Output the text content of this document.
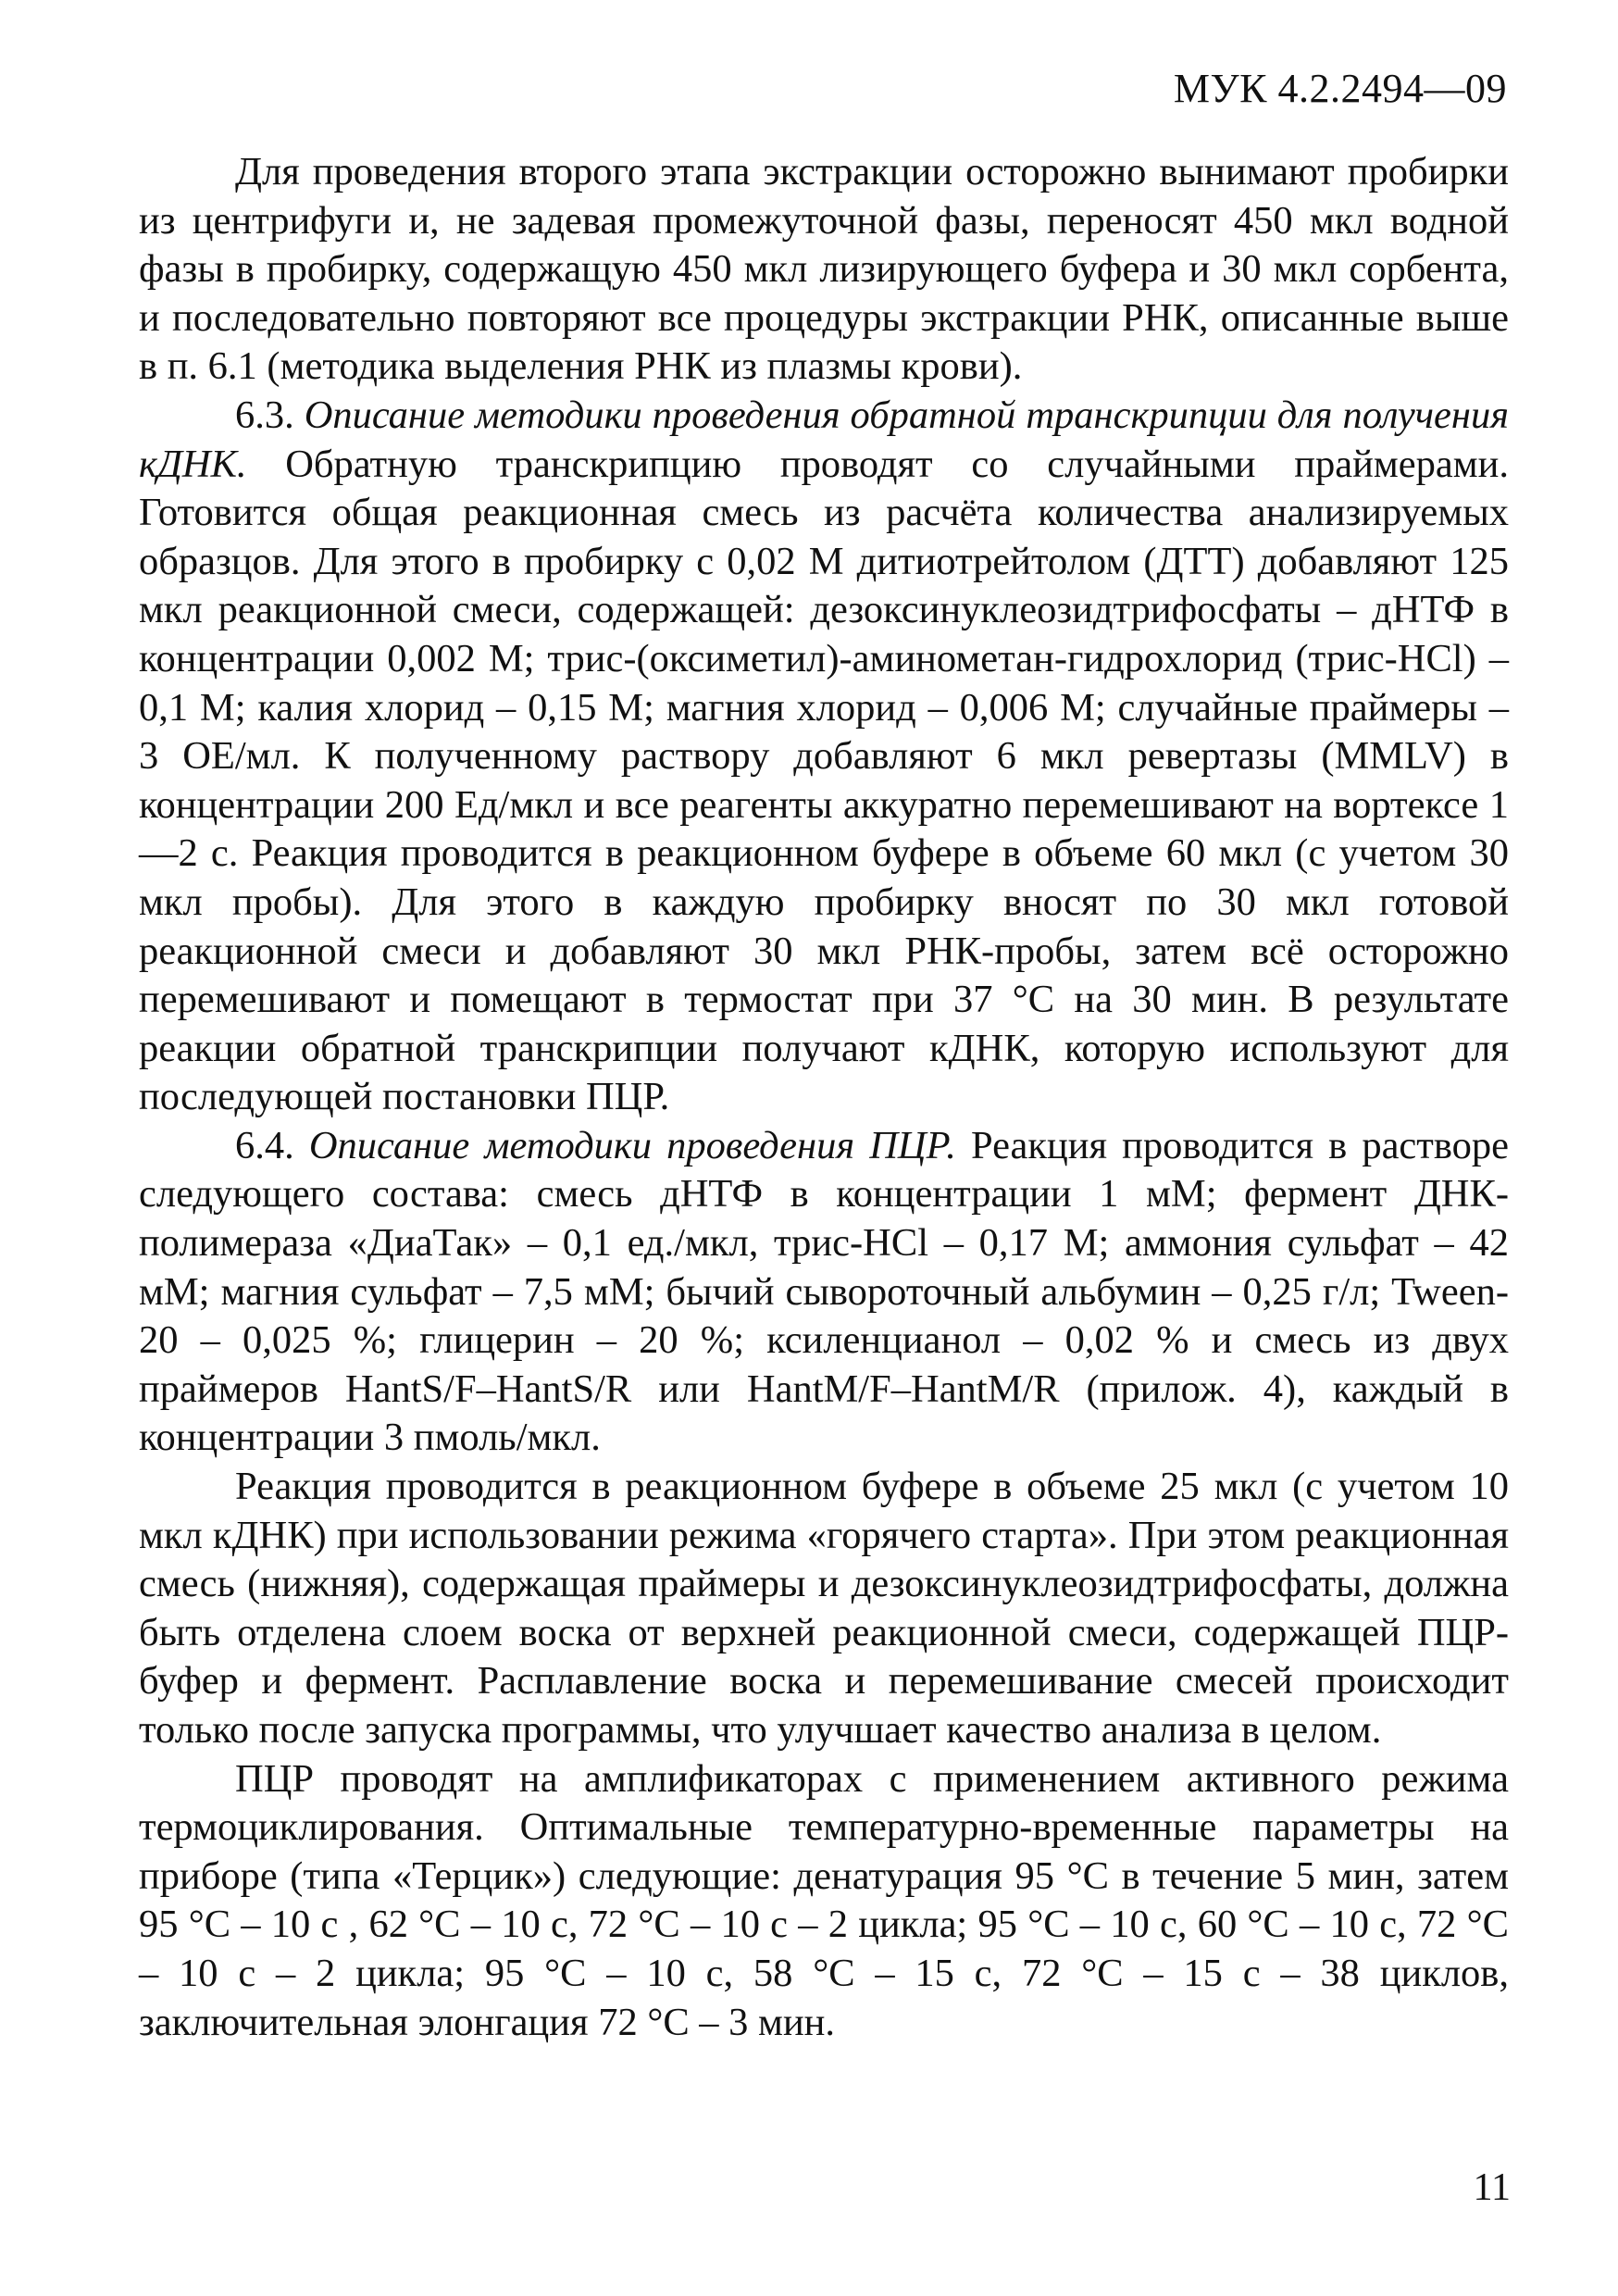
МУК 4.2.2494—09

Для проведения второго этапа экстракции осторожно вынимают пробирки из центрифуги и, не задевая промежуточной фазы, переносят 450 мкл водной фазы в пробирку, содержащую 450 мкл лизирующего буфера и 30 мкл сорбента, и последовательно повторяют все процедуры экстракции РНК, описанные выше в п. 6.1 (методика выделения РНК из плазмы крови).

6.3. Описание методики проведения обратной транскрипции для получения кДНК. Обратную транскрипцию проводят со случайными праймерами. Готовится общая реакционная смесь из расчёта количества анализируемых образцов. Для этого в пробирку с 0,02 М дитиотрейтолом (ДТТ) добавляют 125 мкл реакционной смеси, содержащей: дезоксинуклеозидтрифосфаты – дНТФ в концентрации 0,002 М; трис-(оксиметил)-аминометан-гидрохлорид (трис-HCl) – 0,1 М; калия хлорид – 0,15 М; магния хлорид – 0,006 М; случайные праймеры – 3 ОЕ/мл. К полученному раствору добавляют 6 мкл ревертазы (MMLV) в концентрации 200 Ед/мкл и все реагенты аккуратно перемешивают на вортексе 1—2 с. Реакция проводится в реакционном буфере в объеме 60 мкл (с учетом 30 мкл пробы). Для этого в каждую пробирку вносят по 30 мкл готовой реакционной смеси и добавляют 30 мкл РНК-пробы, затем всё осторожно перемешивают и помещают в термостат при 37 °С на 30 мин. В результате реакции обратной транскрипции получают кДНК, которую используют для последующей постановки ПЦР.

6.4. Описание методики проведения ПЦР. Реакция проводится в растворе следующего состава: смесь дНТФ в концентрации 1 мМ; фермент ДНК-полимераза «ДиаТак» – 0,1 ед./мкл, трис-HCl – 0,17 М; аммония сульфат – 42 мМ; магния сульфат – 7,5 мМ; бычий сывороточный альбумин – 0,25 г/л; Tween-20 – 0,025 %; глицерин – 20 %; ксиленцианол – 0,02 % и смесь из двух праймеров HantS/F–HantS/R или HantM/F–HantM/R (прилож. 4), каждый в концентрации 3 пмоль/мкл.

Реакция проводится в реакционном буфере в объеме 25 мкл (с учетом 10 мкл кДНК) при использовании режима «горячего старта». При этом реакционная смесь (нижняя), содержащая праймеры и дезоксинуклеозидтрифосфаты, должна быть отделена слоем воска от верхней реакционной смеси, содержащей ПЦР-буфер и фермент. Расплавление воска и перемешивание смесей происходит только после запуска программы, что улучшает качество анализа в целом.

ПЦР проводят на амплификаторах с применением активного режима термоциклирования. Оптимальные температурно-временные параметры на приборе (типа «Терцик») следующие: денатурация 95 °С в течение 5 мин, затем 95 °С – 10 с , 62 °С – 10 с, 72 °С – 10 с – 2 цикла; 95 °С – 10 с, 60 °С – 10 с, 72 °С – 10 с – 2 цикла; 95 °С – 10 с, 58 °С – 15 с, 72 °С – 15 с – 38 циклов, заключительная элонгация 72 °С – 3 мин.

11
